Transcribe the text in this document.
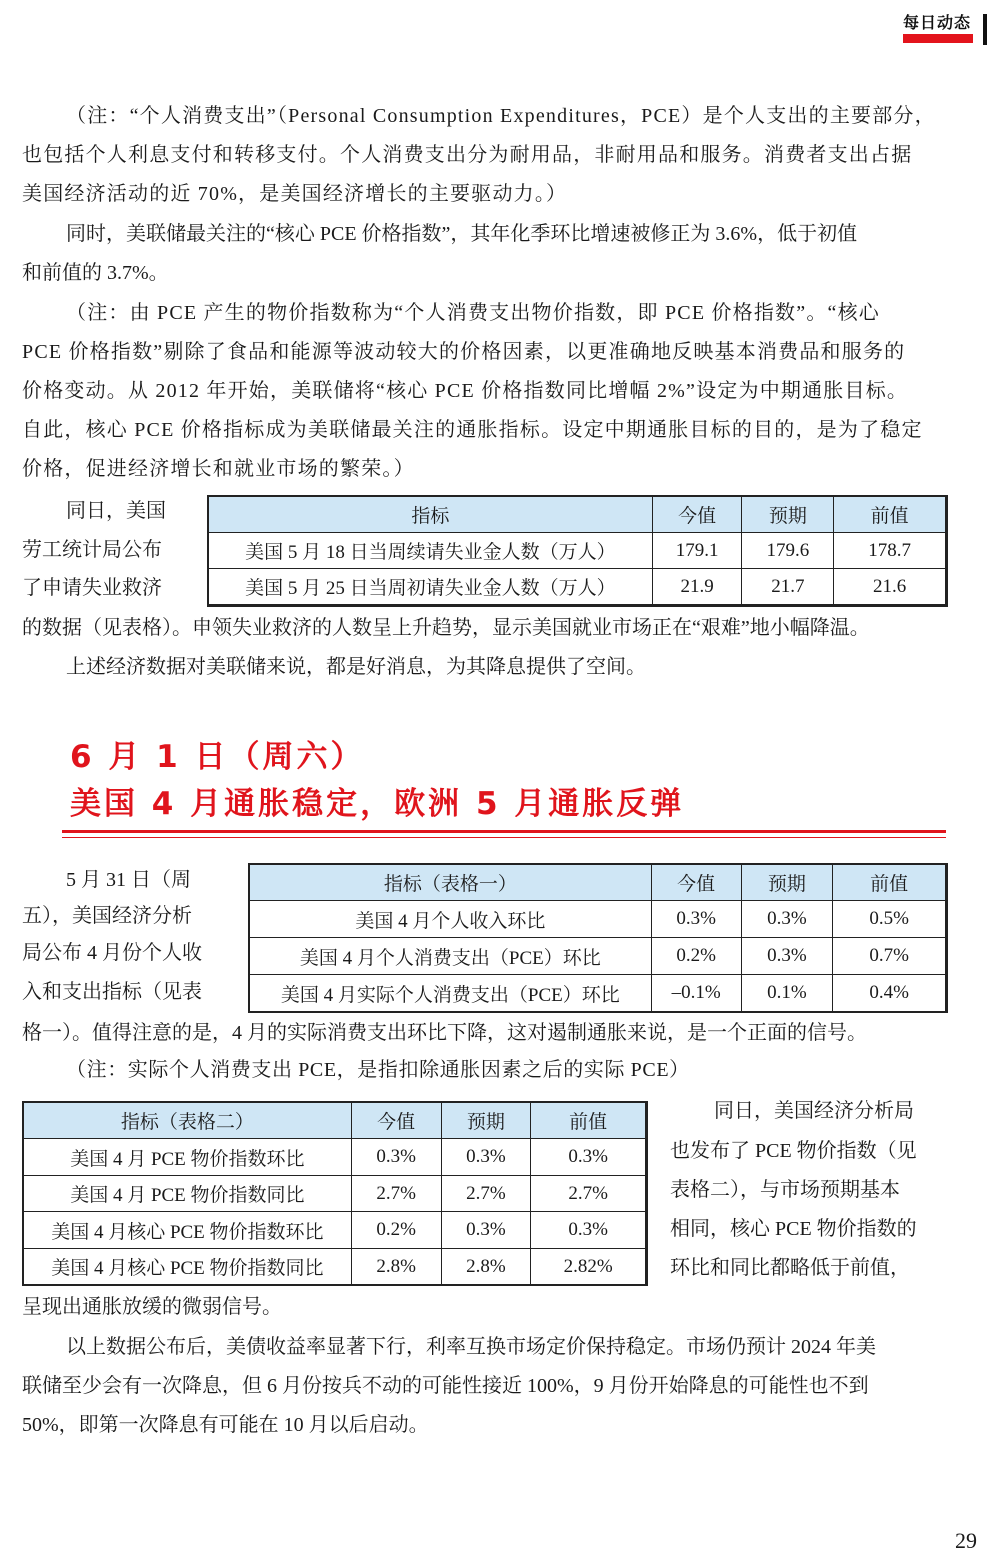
每日动态

（注：“个人消费支出”（Personal Consumption Expenditures，PCE）是个人支出的主要部分，

也包括个人利息支付和转移支付。个人消费支出分为耐用品，非耐用品和服务。消费者支出占据

美国经济活动的近 70%，是美国经济增长的主要驱动力。）

同时，美联储最关注的“核心 PCE 价格指数”，其年化季环比增速被修正为 3.6%，低于初值

和前值的 3.7%。

（注：由 PCE 产生的物价指数称为“个人消费支出物价指数，即 PCE 价格指数”。“核心

PCE 价格指数”剔除了食品和能源等波动较大的价格因素，以更准确地反映基本消费品和服务的

价格变动。从 2012 年开始，美联储将“核心 PCE 价格指数同比增幅 2%”设定为中期通胀目标。

自此，核心 PCE 价格指标成为美联储最关注的通胀指标。设定中期通胀目标的目的，是为了稳定

价格，促进经济增长和就业市场的繁荣。）

同日，美国

劳工统计局公布

了申请失业救济

指标	今值	预期	前值
美国 5 月 18 日当周续请失业金人数（万人）	179.1	179.6	178.7
美国 5 月 25 日当周初请失业金人数（万人）	21.9	21.7	21.6

的数据（见表格）。申领失业救济的人数呈上升趋势，显示美国就业市场正在“艰难”地小幅降温。

上述经济数据对美联储来说，都是好消息，为其降息提供了空间。

6 月 1 日（周六）
美国 4 月通胀稳定，欧洲 5 月通胀反弹

5 月 31 日（周

五），美国经济分析

局公布 4 月份个人收

入和支出指标（见表

指标（表格一）	今值	预期	前值
美国 4 月个人收入环比	0.3%	0.3%	0.5%
美国 4 月个人消费支出（PCE）环比	0.2%	0.3%	0.7%
美国 4 月实际个人消费支出（PCE）环比	–0.1%	0.1%	0.4%

格一）。值得注意的是，4 月的实际消费支出环比下降，这对遏制通胀来说，是一个正面的信号。

（注：实际个人消费支出 PCE，是指扣除通胀因素之后的实际 PCE）

指标（表格二）	今值	预期	前值
美国 4 月 PCE 物价指数环比	0.3%	0.3%	0.3%
美国 4 月 PCE 物价指数同比	2.7%	2.7%	2.7%
美国 4 月核心 PCE 物价指数环比	0.2%	0.3%	0.3%
美国 4 月核心 PCE 物价指数同比	2.8%	2.8%	2.82%

同日，美国经济分析局

也发布了 PCE 物价指数（见

表格二），与市场预期基本

相同，核心 PCE 物价指数的

环比和同比都略低于前值，

呈现出通胀放缓的微弱信号。

以上数据公布后，美债收益率显著下行，利率互换市场定价保持稳定。市场仍预计 2024 年美

联储至少会有一次降息，但 6 月份按兵不动的可能性接近 100%，9 月份开始降息的可能性也不到

50%，即第一次降息有可能在 10 月以后启动。

29
